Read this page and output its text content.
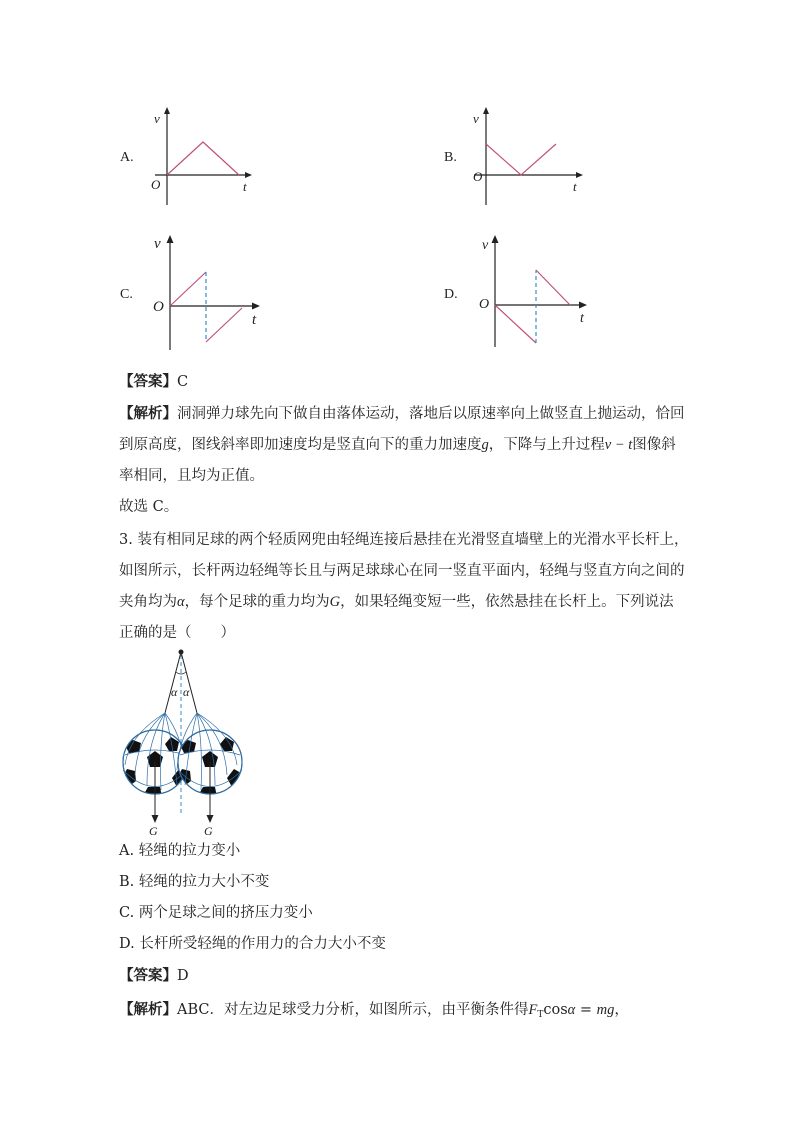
A.	B.
C.	D.
v
t
O
v
t
O
v
t
O
v
t
O
【答案】C
【解析】洞洞弹力球先向下做自由落体运动，落地后以原速率向上做竖直上抛运动，恰回
到原高度，图线斜率即加速度均是竖直向下的重力加速度g，下降与上升过程v − t图像斜
率相同，且均为正值。
故选 C。
3. 装有相同足球的两个轻质网兜由轻绳连接后悬挂在光滑竖直墙壁上的光滑水平长杆上，
如图所示，长杆两边轻绳等长且与两足球球心在同一竖直平面内，轻绳与竖直方向之间的
夹角均为α，每个足球的重力均为G，如果轻绳变短一些，依然悬挂在长杆上。下列说法
正确的是（　　）
α α
G	G
A. 轻绳的拉力变小
B. 轻绳的拉力大小不变
C. 两个足球之间的挤压力变小
D. 长杆所受轻绳的作用力的合力大小不变
【答案】D
【解析】ABC．对左边足球受力分析，如图所示，由平衡条件得$F_T\cos\alpha$ = mg，
